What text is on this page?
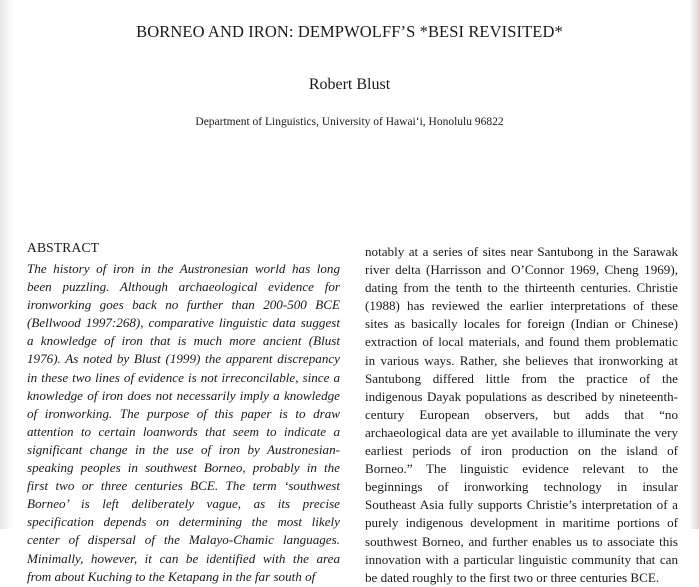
BORNEO AND IRON: DEMPWOLFF’S *BESI REVISITED*
Robert Blust
Department of Linguistics, University of Hawai‘i, Honolulu 96822
ABSTRACT
The history of iron in the Austronesian world has long
been puzzling. Although archaeological evidence for
ironworking goes back no further than 200-500 BCE
(Bellwood 1997:268), comparative linguistic data suggest
a knowledge of iron that is much more ancient (Blust
1976). As noted by Blust (1999) the apparent discrepancy
in these two lines of evidence is not irreconcilable, since a
knowledge of iron does not necessarily imply a knowledge
of ironworking. The purpose of this paper is to draw
attention to certain loanwords that seem to indicate a
significant change in the use of iron by Austronesian-
speaking peoples in southwest Borneo, probably in the
first two or three centuries BCE. The term ‘southwest
Borneo’ is left deliberately vague, as its precise
specification depends on determining the most likely
center of dispersal of the Malayo-Chamic languages.
Minimally, however, it can be identified with the area
from about Kuching to the Ketapang in the far south of
notably at a series of sites near Santubong in the Sarawak
river delta (Harrisson and O’Connor 1969, Cheng 1969),
dating from the tenth to the thirteenth centuries. Christie
(1988) has reviewed the earlier interpretations of these
sites as basically locales for foreign (Indian or Chinese)
extraction of local materials, and found them problematic
in various ways. Rather, she believes that ironworking at
Santubong differed little from the practice of the
indigenous Dayak populations as described by nineteenth-
century European observers, but adds that “no
archaeological data are yet available to illuminate the very
earliest periods of iron production on the island of
Borneo.” The linguistic evidence relevant to the
beginnings of ironworking technology in insular
Southeast Asia fully supports Christie’s interpretation of a
purely indigenous development in maritime portions of
southwest Borneo, and further enables us to associate this
innovation with a particular linguistic community that can
be dated roughly to the first two or three centuries BCE.
